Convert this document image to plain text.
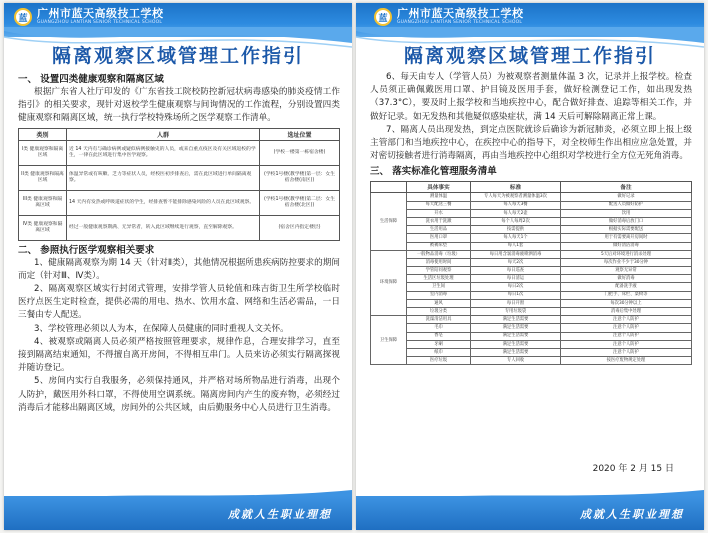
蓝 广州市蓝天高级技工学校
GUANGZHOU LANTIAN SENIOR TECHNICAL SCHOOL
隔离观察区域管理工作指引
一、 设置四类健康观察和隔离区域
根据广东省人社厅印发的《广东省技工院校防控新冠状病毒感染的肺炎疫情工作指引》的相关要求，现针对返校学生健康观察与间询情况的工作流程，分别设置四类健康观察和隔离区域，统一执行学校特殊场所之医学观察工作清单。
类别	人群	选址位置
I类 健康观察和隔离区域	近 14 天内有与确诊病例或疑似病例接触史的人员，或来自重点疫区及有关区域返校的学生，一律在此区域进行集中医学观察。	(学校一楼第一栋宿舍楼)
II类 健康观察和隔离区域	体温异常或有咳嗽、乏力等症状人员，经校医初步排查后，需在此区域进行单间隔离观察。	(学校1号楼(教学楼)第一层：女生宿舍楼(南区))
III类 健康观察和隔离区域	14 天内有发热或呼吸道症状的学生，经排查暂不能排除感染风险的人员在此区域观察。	(学校1号楼(教学楼)第二层：女生宿舍楼(北区))
IV类 健康观察和隔离区域	经过一般健康观察期满、无异常者，转入此区域继续进行观察，直至解除观察。	(宿舍区内指定楼层)
二、 参照执行医学观察相关要求
1、健康隔离观察为期 14 天（针对Ⅱ类），其他情况根据所患疾病防控要求的期间而定（针对Ⅲ、Ⅳ类）。
2、隔离观察区域实行封闭式管理，安排学管人员轮值和珠吉街卫生所学校临时医疗点医生定时检查，提供必需的用电、热水、饮用水盒、网络和生活必需品，一日三餐由专人配送。
3、学校管理必须以人为本，在保障人员健康的同时重视人文关怀。
4、被观察或隔离人员必须严格按照管理要求，规律作息，合理安排学习，直至接到隔离结束通知，不得擅自离开房间，不得相互串门。人员来访必须实行隔离探视并随访登记。
5、房间内实行自我服务，必须保持通风，并严格对场所物品进行消毒，出现个人防护，戴医用外科口罩，不得使用空调系统。隔离房间内产生的废弃物，必须经过消毒后才能移出隔离区域，房间外的公共区域，由后勤服务中心人员进行卫生消毒。
成就人生职业理想
蓝 广州市蓝天高级技工学校
GUANGZHOU LANTIAN SENIOR TECHNICAL SCHOOL
隔离观察区域管理工作指引
6、每天由专人（学管人员）为被观察者测量体温 3 次，记录并上报学校。检查人员须正确佩戴医用口罩、护目镜及医用手套，做好检测登记工作，如出现发热（37.3°C），要及时上报学校和当地疾控中心，配合做好排查、追踪等相关工作，并做好记录。如无发热和其他疑似感染症状，满 14 天后可解除隔离正常上课。
7、隔离人员出现发热，到定点医院就诊后确诊为新冠肺炎，必须立即上报上级主管部门和当地疾控中心，在疾控中心的指导下，对全校师生作出相应应急处置，并对密切接触者进行消毒隔离，再由当地疾控中心组织对学校进行全方位无死角消毒。
三、 落实标准化管理服务清单
	具体事实	标准	备注
生活保障	测量体温	专人每天为被观察者测量体温3次	做好记录
	每天配送三餐	每人每天3餐	配送人员做好防护
	开水	每人每天2壶	饮用
	洗衣用于洗漱	每个人每周2次	做好消毒后放门口
	生活用品	按需提供	根据实际需要配送
	医用口罩	每人每天1个	用于有需要离开房间时
	被褥床垫	每人1套	做好清洁消毒
环境保障	一般物品消毒（垃圾）	每日用含氯消毒液喷洒消毒	5天后对环境进行消杀处理
	消毒使用时间	每天2次	每次作业不少于30分钟
	学管陪同观察	每日巡查	观察无异常
	生活区垃圾处理	每日清运	做好消毒
	卫生间	每日2次	配备洗手液
	室内消毒	每日1次	门把手、床栏、桌椅等
	通风	每日开窗	每次30分钟以上
	垃圾分类	专用垃圾袋	消毒后集中处理
卫生保障	洗澡清洁用具	满足生活需要	注意个人防护
	毛巾	满足生活需要	注意个人防护
	香皂	满足生活需要	注意个人防护
	牙刷	满足生活需要	注意个人防护
	纸巾	满足生活需要	注意个人防护
	医疗垃圾	专人回收	按医疗废物规定处理
2020 年 2 月 15 日
成就人生职业理想
